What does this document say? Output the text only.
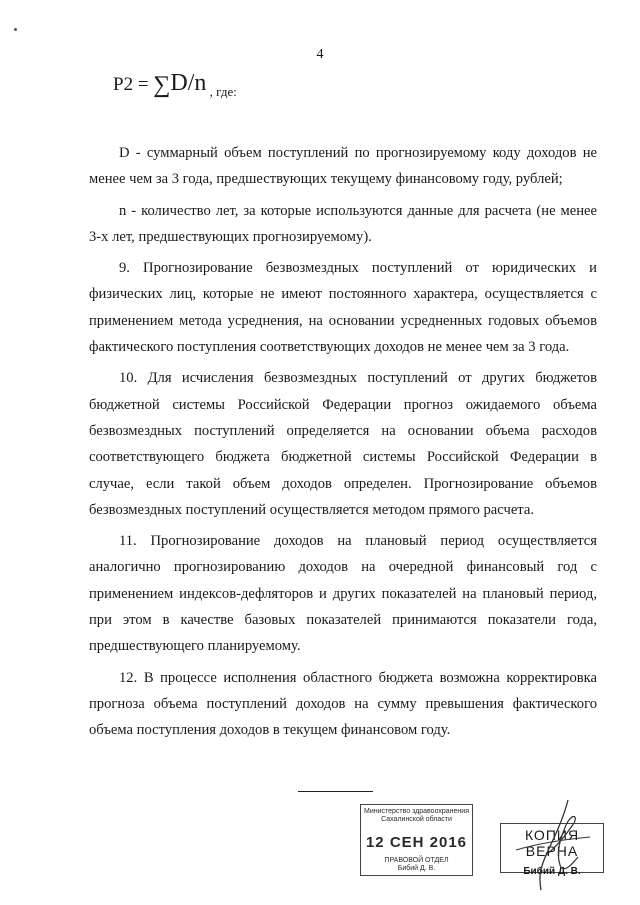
4
P2 = ∑D/n $_{, где:}$

D - суммарный объем поступлений по прогнозируемому коду доходов не менее чем за 3 года, предшествующих текущему финансовому году, рублей;

n - количество лет, за которые используются данные для расчета (не менее 3-х лет, предшествующих прогнозируемому).

9. Прогнозирование безвозмездных поступлений от юридических и физических лиц, которые не имеют постоянного характера, осуществляется с применением метода усреднения, на основании усредненных годовых объемов фактического поступления соответствующих доходов не менее чем за 3 года.

10. Для исчисления безвозмездных поступлений от других бюджетов бюджетной системы Российской Федерации прогноз ожидаемого объема безвозмездных поступлений определяется на основании объема расходов соответствующего бюджета бюджетной системы Российской Федерации в случае, если такой объем доходов определен. Прогнозирование объемов безвозмездных поступлений осуществляется методом прямого расчета.

11. Прогнозирование доходов на плановый период осуществляется аналогично прогнозированию доходов на очередной финансовый год с применением индексов-дефляторов и других показателей на плановый период, при этом в качестве базовых показателей принимаются показатели года, предшествующего планируемому.

12. В процессе исполнения областного бюджета возможна корректировка прогноза объема поступлений доходов на сумму превышения фактического объема поступления доходов в текущем финансовом году.

Министерство здравоохранения
Сахалинской области
12 СЕН 2016
ПРАВОВОЙ ОТДЕЛ
Бибий Д. В.
КОПИЯ ВЕРНА
Бибий Д. В.
